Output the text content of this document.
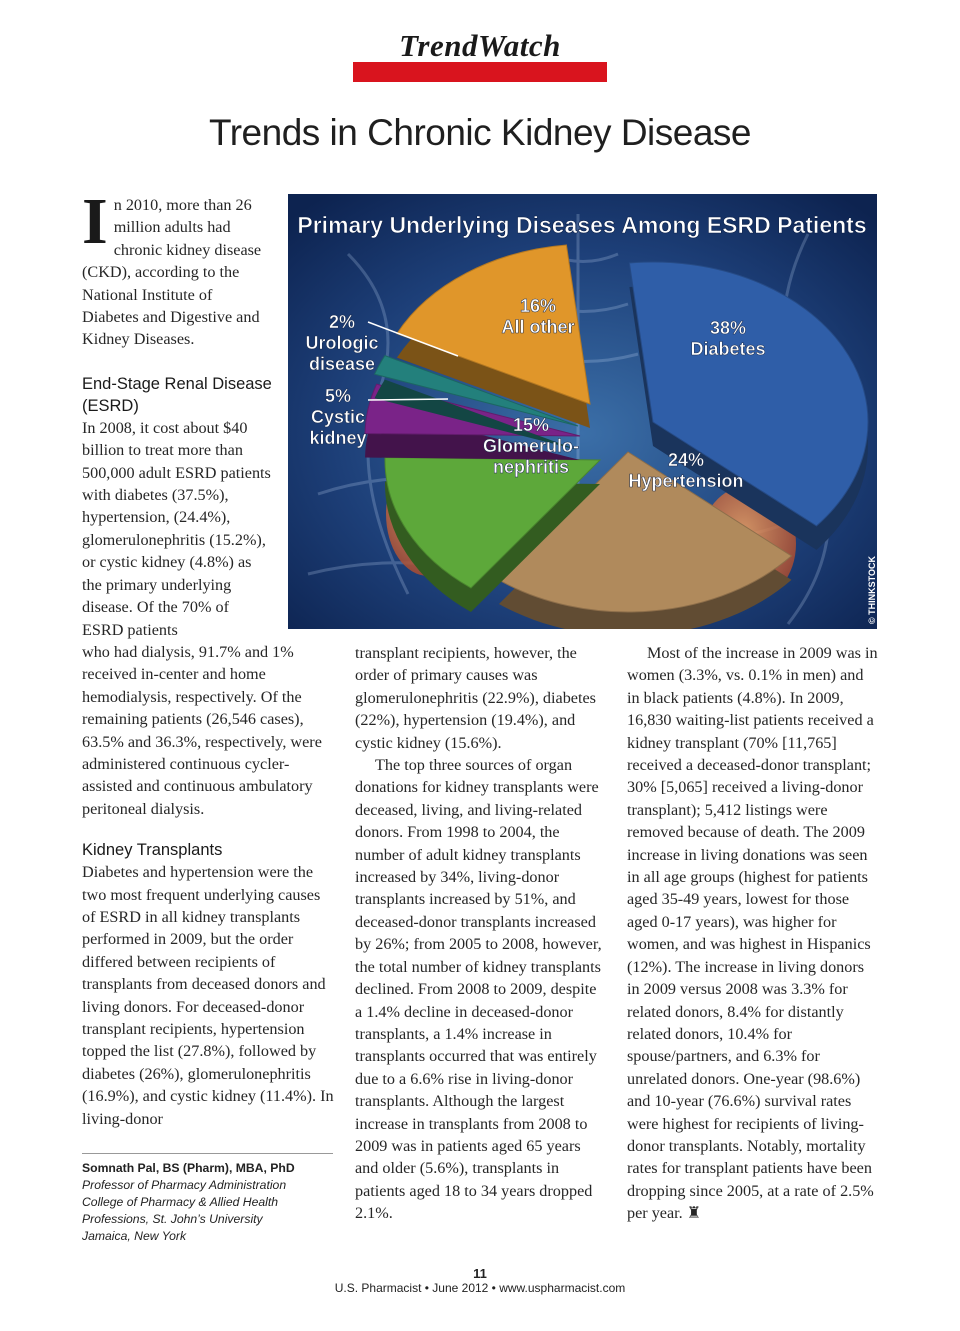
TrendWatch
Trends in Chronic Kidney Disease
In 2010, more than 26 million adults had chronic kidney disease (CKD), according to the National Institute of Diabetes and Digestive and Kidney Diseases.
End-Stage Renal Disease (ESRD)

In 2008, it cost about $40 billion to treat more than 500,000 adult ESRD patients with diabetes (37.5%), hypertension, (24.4%), glomerulonephritis (15.2%), or cystic kidney (4.8%) as the primary underlying disease. Of the 70% of ESRD patients

who had dialysis, 91.7% and 1% received in-center and home hemodialysis, respectively. Of the remaining patients (26,546 cases), 63.5% and 36.3%, respectively, were administered continuous cycler-assisted and continuous ambulatory peritoneal dialysis.

Kidney Transplants

Diabetes and hypertension were the two most frequent underlying causes of ESRD in all kidney transplants performed in 2009, but the order differed between recipients of transplants from deceased donors and living donors. For deceased-donor transplant recipients, hypertension topped the list (27.8%), followed by diabetes (26%), glomerulonephritis (16.9%), and cystic kidney (11.4%). In living-donor

Somnath Pal, BS (Pharm), MBA, PhD
Professor of Pharmacy Administration
College of Pharmacy & Allied Health
Professions, St. John’s University
Jamaica, New York

transplant recipients, however, the order of primary causes was glomerulonephritis (22.9%), diabetes (22%), hypertension (19.4%), and cystic kidney (15.6%).

The top three sources of organ donations for kidney transplants were deceased, living, and living-related donors. From 1998 to 2004, the number of adult kidney transplants increased by 34%, living-donor transplants increased by 51%, and deceased-donor transplants increased by 26%; from 2005 to 2008, however, the total number of kidney transplants declined. From 2008 to 2009, despite a 1.4% decline in deceased-donor transplants, a 1.4% increase in transplants occurred that was entirely due to a 6.6% rise in living-donor transplants. Although the largest increase in transplants from 2008 to 2009 was in patients aged 65 years and older (5.6%), transplants in patients aged 18 to 34 years dropped 2.1%.

Most of the increase in 2009 was in women (3.3%, vs. 0.1% in men) and in black patients (4.8%). In 2009, 16,830 waiting-list patients received a kidney transplant (70% [11,765] received a deceased-donor transplant; 30% [5,065] received a living-donor transplant); 5,412 listings were removed because of death. The 2009 increase in living donations was seen in all age groups (highest for patients aged 35-49 years, lowest for those aged 0-17 years), was higher for women, and was highest in Hispanics (12%). The increase in living donors in 2009 versus 2008 was 3.3% for related donors, 8.4% for distantly related donors, 10.4% for spouse/partners, and 6.3% for unrelated donors. One-year (98.6%) and 10-year (76.6%) survival rates were highest for recipients of living-donor transplants. Notably, mortality rates for transplant patients have been dropping since 2005, at a rate of 2.5% per year. ♜

Primary Underlying Diseases Among ESRD Patients
38% Diabetes
24% Hypertension
15% Glomerulo-nephritis
5% Cystic kidney
2% Urologic disease
16% All other
© THINKSTOCK
11
U.S. Pharmacist • June 2012 • www.uspharmacist.com
